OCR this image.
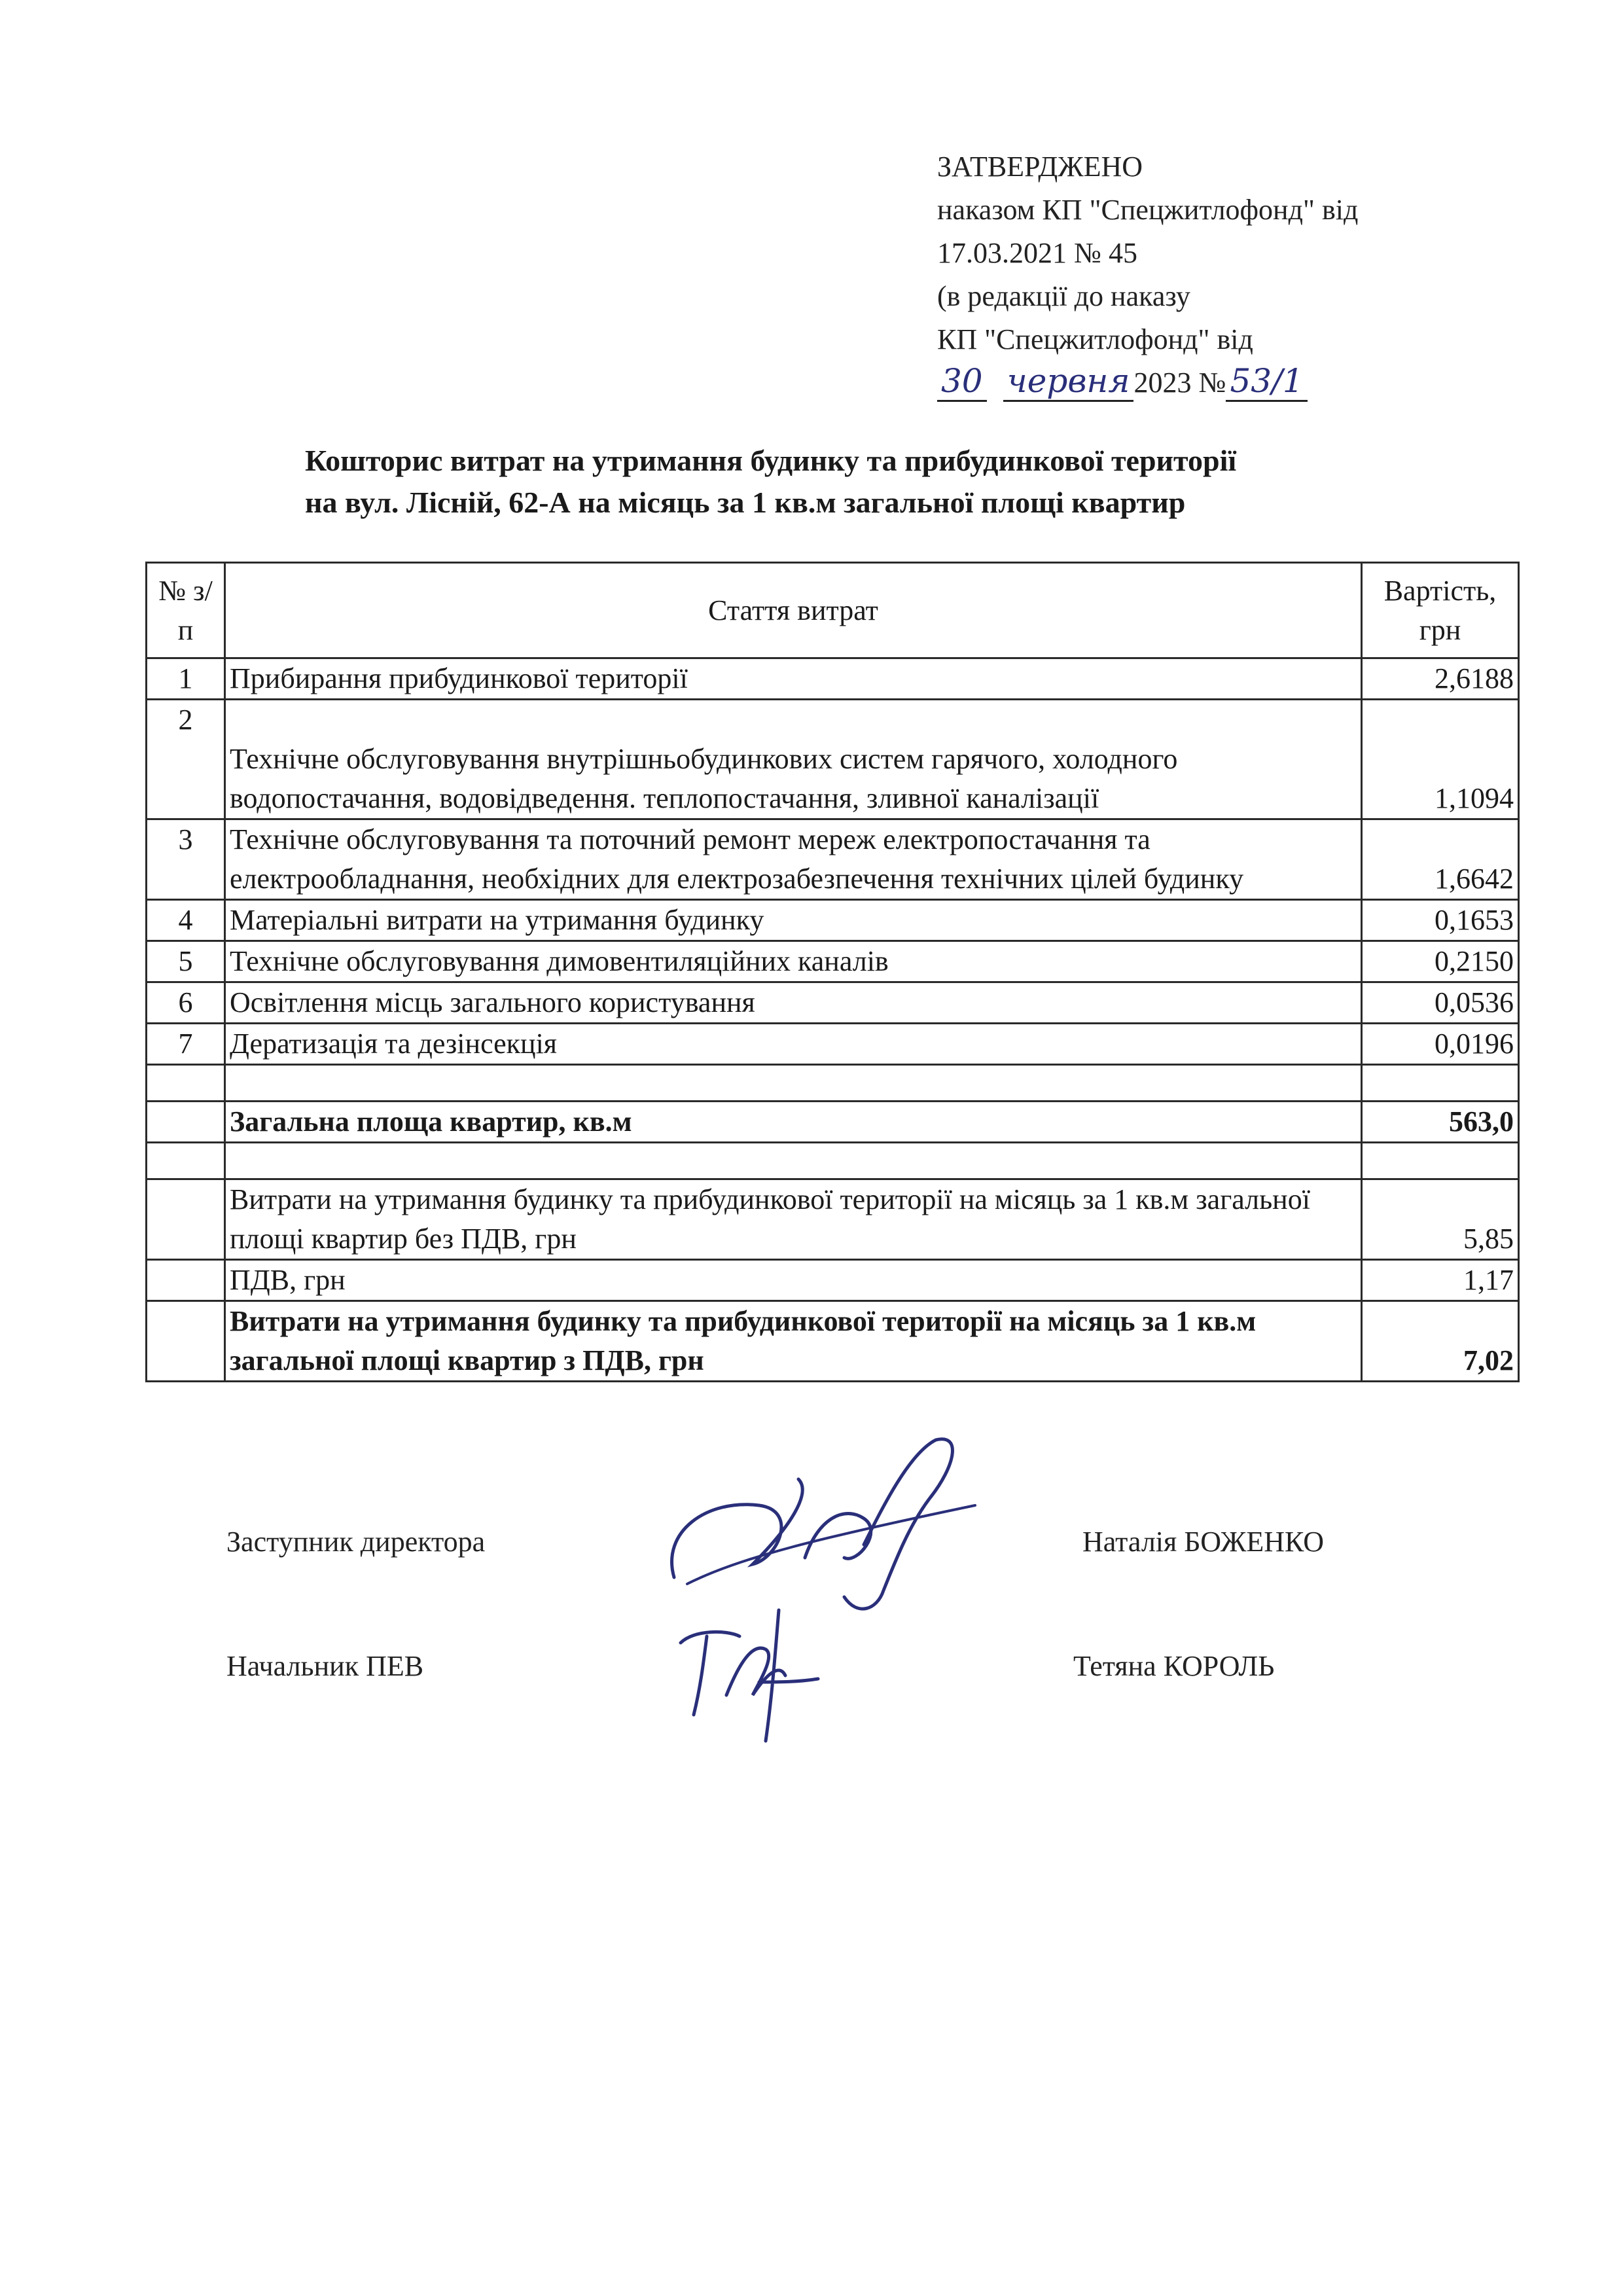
ЗАТВЕРДЖЕНО
наказом КП "Спецжитлофонд" від
17.03.2021 № 45
(в редакції до наказу
КП "Спецжитлофонд" від
30 червня 2023 № 53/1
Кошторис витрат на утримання будинку та прибудинкової території
на вул. Лісній, 62-А на місяць за 1 кв.м загальної площі квартир
№ з/п	Стаття витрат	Вартість, грн
1	Прибирання прибудинкової території	2,6188
2	Технічне обслуговування внутрішньобудинкових систем гарячого, холодного водопостачання, водовідведення. теплопостачання, зливної каналізації	1,1094
3	Технічне обслуговування та поточний ремонт мереж електропостачання та електрообладнання, необхідних для електрозабезпечення технічних цілей будинку	1,6642
4	Матеріальні витрати на утримання будинку	0,1653
5	Технічне обслуговування димовентиляційних каналів	0,2150
6	Освітлення місць загального користування	0,0536
7	Дератизація та дезінсекція	0,0196

	Загальна площа квартир, кв.м	563,0

	Витрати на утримання будинку та прибудинкової території на місяць за 1 кв.м загальної площі квартир без ПДВ, грн	5,85
	ПДВ, грн	1,17
	Витрати на утримання будинку та прибудинкової території на місяць за 1 кв.м загальної площі квартир з ПДВ, грн	7,02
Заступник директора	Наталія БОЖЕНКО
Начальник ПЕВ	Тетяна КОРОЛЬ
